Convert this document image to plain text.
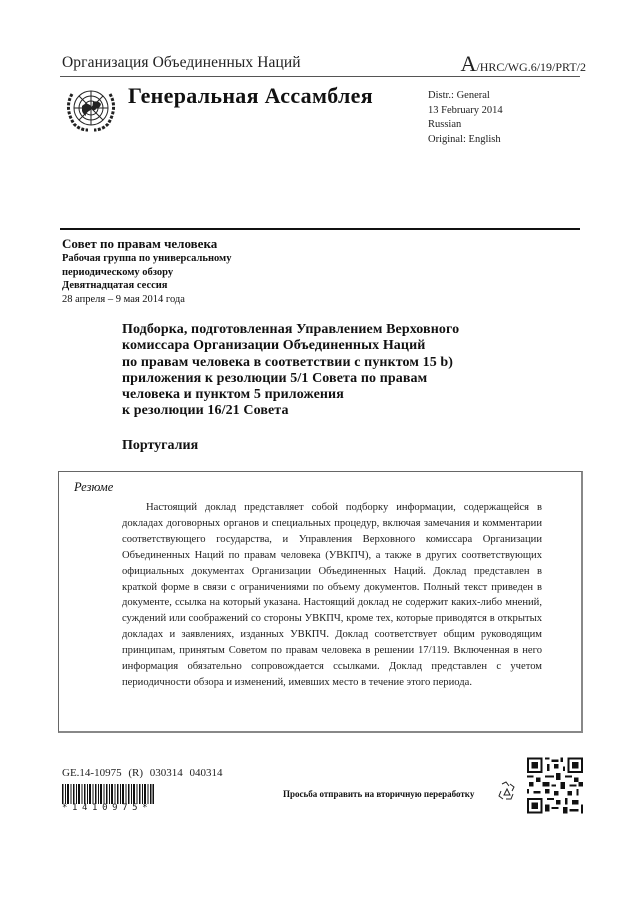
Организация Объединенных Наций	A/HRC/WG.6/19/PRT/2
Генеральная Ассамблея	Distr.: General
13 February 2014
Russian
Original: English
Совет по правам человека
Рабочая группа по универсальному
периодическому обзору
Девятнадцатая сессия
28 апреля – 9 мая 2014 года
Подборка, подготовленная Управлением Верховного
комиссара Организации Объединенных Наций
по правам человека в соответствии с пунктом 15 b)
приложения к резолюции 5/1 Совета по правам
человека и пунктом 5 приложения
к резолюции 16/21 Совета
Португалия
Резюме
Настоящий доклад представляет собой подборку информации, содержащейся в докладах договорных органов и специальных процедур, включая замечания и комментарии соответствующего государства, и Управления Верховного комиссара Организации Объединенных Наций по правам человека (УВКПЧ), а также в других соответствующих официальных документах Организации Объединенных Наций. Доклад представлен в краткой форме в связи с ограничениями по объему документов. Полный текст приведен в документе, ссылка на который указана. Настоящий доклад не содержит каких-либо мнений, суждений или соображений со стороны УВКПЧ, кроме тех, которые приводятся в открытых докладах и заявлениях, изданных УВКПЧ. Доклад соответствует общим руководящим принципам, принятым Советом по правам человека в решении 17/119. Включенная в него информация обязательно сопровождается ссылками. Доклад представлен с учетом периодичности обзора и изменений, имевших место в течение этого периода.
GE.14-10975 (R) 030314 040314
*1410975*
Просьба отправить на вторичную переработку
